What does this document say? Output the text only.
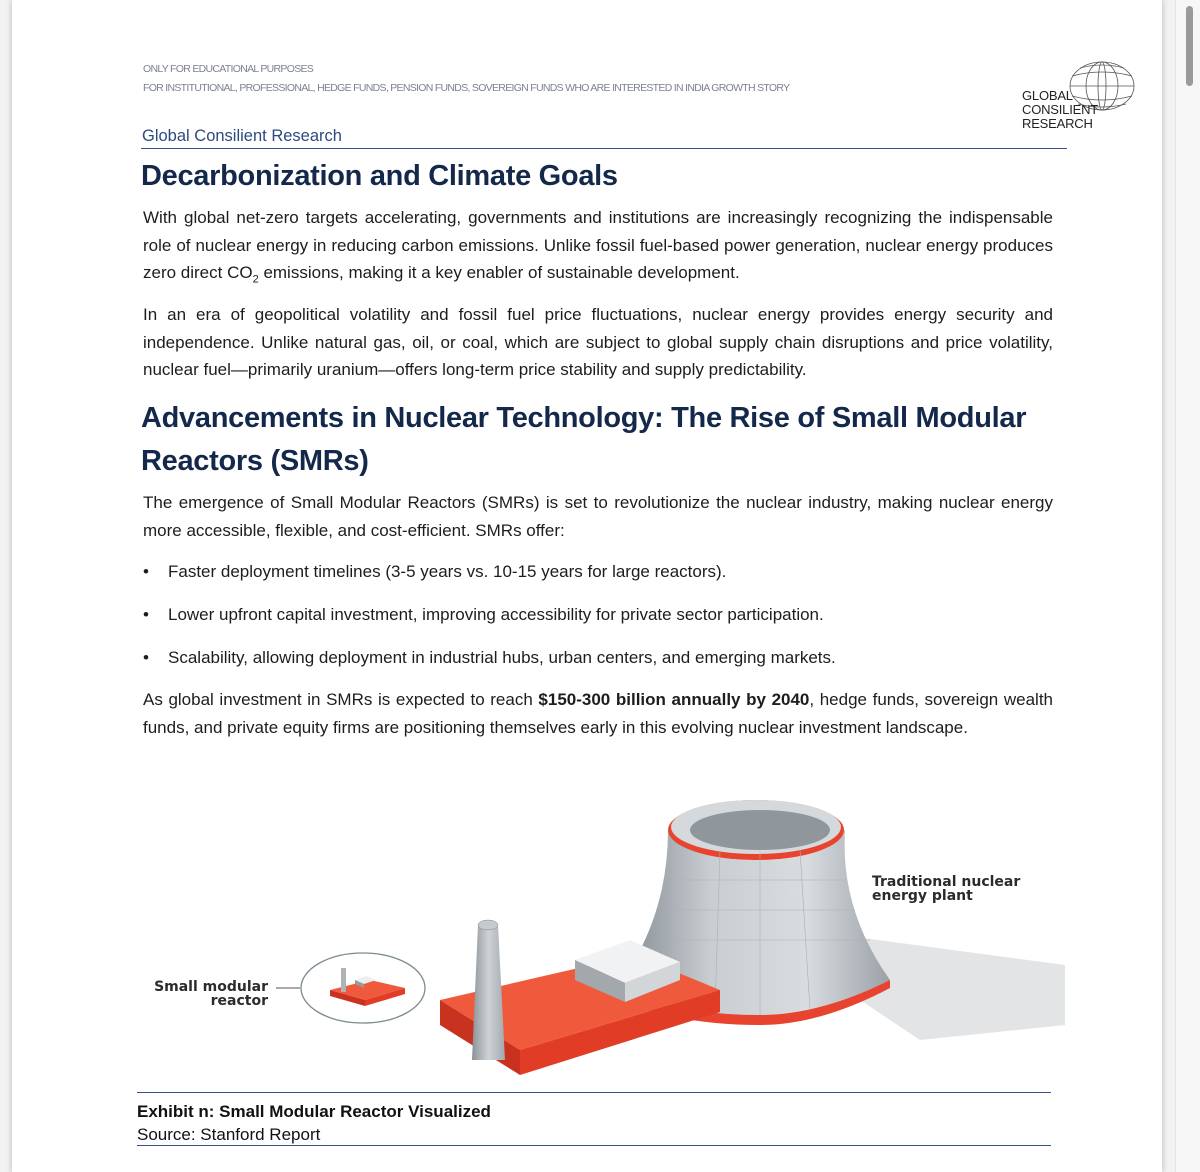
ONLY FOR EDUCATIONAL PURPOSES
FOR INSTITUTIONAL, PROFESSIONAL, HEDGE FUNDS, PENSION FUNDS, SOVEREIGN FUNDS WHO ARE INTERESTED IN INDIA GROWTH STORY	GLOBAL
CONSILIENT
RESEARCH
Global Consilient Research
Decarbonization and Climate Goals
With global net-zero targets accelerating, governments and institutions are increasingly recognizing the indispensable role of nuclear energy in reducing carbon emissions. Unlike fossil fuel-based power generation, nuclear energy produces zero direct $CO_2$ emissions, making it a key enabler of sustainable development.
In an era of geopolitical volatility and fossil fuel price fluctuations, nuclear energy provides energy security and independence. Unlike natural gas, oil, or coal, which are subject to global supply chain disruptions and price volatility, nuclear fuel—primarily uranium—offers long-term price stability and supply predictability.
Advancements in Nuclear Technology: The Rise of Small Modular Reactors (SMRs)
The emergence of Small Modular Reactors (SMRs) is set to revolutionize the nuclear industry, making nuclear energy more accessible, flexible, and cost-efficient. SMRs offer:
• Faster deployment timelines (3-5 years vs. 10-15 years for large reactors).
• Lower upfront capital investment, improving accessibility for private sector participation.
• Scalability, allowing deployment in industrial hubs, urban centers, and emerging markets.
As global investment in SMRs is expected to reach $150-300 billion annually by 2040, hedge funds, sovereign wealth funds, and private equity firms are positioning themselves early in this evolving nuclear investment landscape.
Exhibit n: Small Modular Reactor Visualized
Source: Stanford Report
Small modular
reactor
Traditional nuclear
energy plant
